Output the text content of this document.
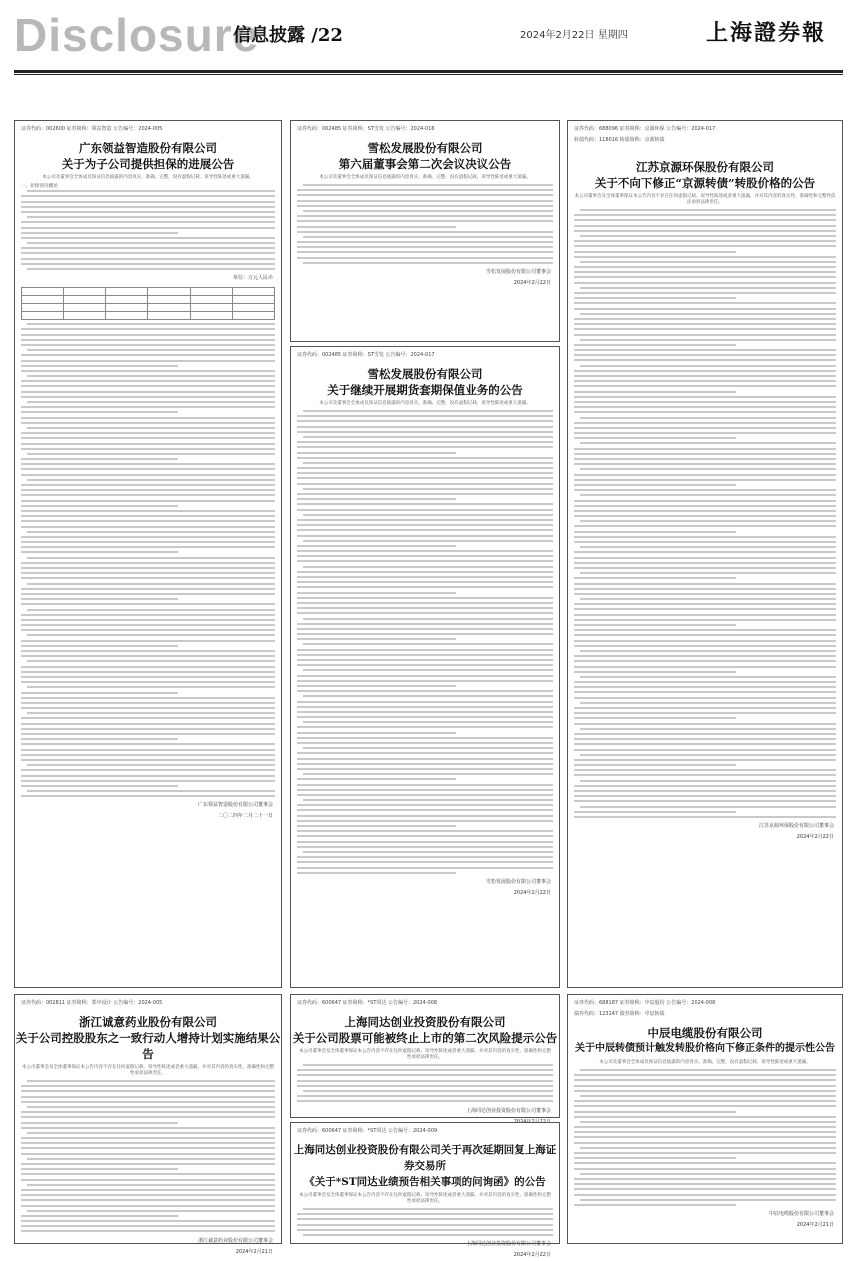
Disclosure
信息披露 /22	2024年2月22日 星期四	上海證券報
证券代码：002600 证券简称：领益智造 公告编号：2024-005
广东领益智造股份有限公司
关于为子公司提供担保的进展公告
本公司及董事会全体成员保证信息披露的内容真实、准确、完整，没有虚假记载、误导性陈述或重大遗漏。
一、担保情况概述
单位：万元人民币

广东领益智造股份有限公司董事会
二〇二四年二月二十一日
证券代码：002485 证券简称：ST雪发 公告编号：2024-016
雪松发展股份有限公司
第六届董事会第二次会议决议公告
本公司及董事会全体成员保证信息披露的内容真实、准确、完整，没有虚假记载、误导性陈述或重大遗漏。
雪松发展股份有限公司董事会
2024年2月22日
证券代码：002485 证券简称：ST雪发 公告编号：2024-017
雪松发展股份有限公司
关于继续开展期货套期保值业务的公告
本公司及董事会全体成员保证信息披露的内容真实、准确、完整，没有虚假记载、误导性陈述或重大遗漏。
雪松发展股份有限公司董事会
2024年2月22日
证券代码：688096 证券简称：京源环保 公告编号：2024-017
转债代码：118016 转债简称：京源转债
江苏京源环保股份有限公司
关于不向下修正“京源转债”转股价格的公告
本公司董事会及全体董事保证本公告内容不存在任何虚假记载、误导性陈述或者重大遗漏，并对其内容的真实性、准确性和完整性依法承担法律责任。
江苏京源环保股份有限公司董事会
2024年2月22日
证券代码：002811 证券简称：郑中设计 公告编号：2024-005
浙江诚意药业股份有限公司
关于公司控股股东之一致行动人增持计划实施结果公告
本公司董事会及全体董事保证本公告内容不存在任何虚假记载、误导性陈述或者重大遗漏，并对其内容的真实性、准确性和完整性承担法律责任。
浙江诚意药业股份有限公司董事会
2024年2月21日
证券代码：600647 证券简称：*ST同达 公告编号：2024-008
上海同达创业投资股份有限公司
关于公司股票可能被终止上市的第二次风险提示公告
本公司董事会及全体董事保证本公告内容不存在任何虚假记载、误导性陈述或者重大遗漏，并对其内容的真实性、准确性和完整性承担法律责任。
上海同达创业投资股份有限公司董事会
证券代码：600647 证券简称：*ST同达 公告编号：2024-009
上海同达创业投资股份有限公司关于再次延期回复上海证券交易所
《关于*ST同达业绩预告相关事项的问询函》的公告
本公司董事会及全体董事保证本公告内容不存在任何虚假记载、误导性陈述或者重大遗漏，并对其内容的真实性、准确性和完整性承担法律责任。
上海同达创业投资股份有限公司董事会
2024年2月22日
证券代码：688187 证券简称：中辰股份 公告编号：2024-008
债券代码：123147 债券简称：中辰转债
中辰电缆股份有限公司
关于中辰转债预计触发转股价格向下修正条件的提示性公告
本公司及董事会全体成员保证信息披露的内容真实、准确、完整，没有虚假记载、误导性陈述或重大遗漏。
中辰电缆股份有限公司董事会
2024年2月21日
